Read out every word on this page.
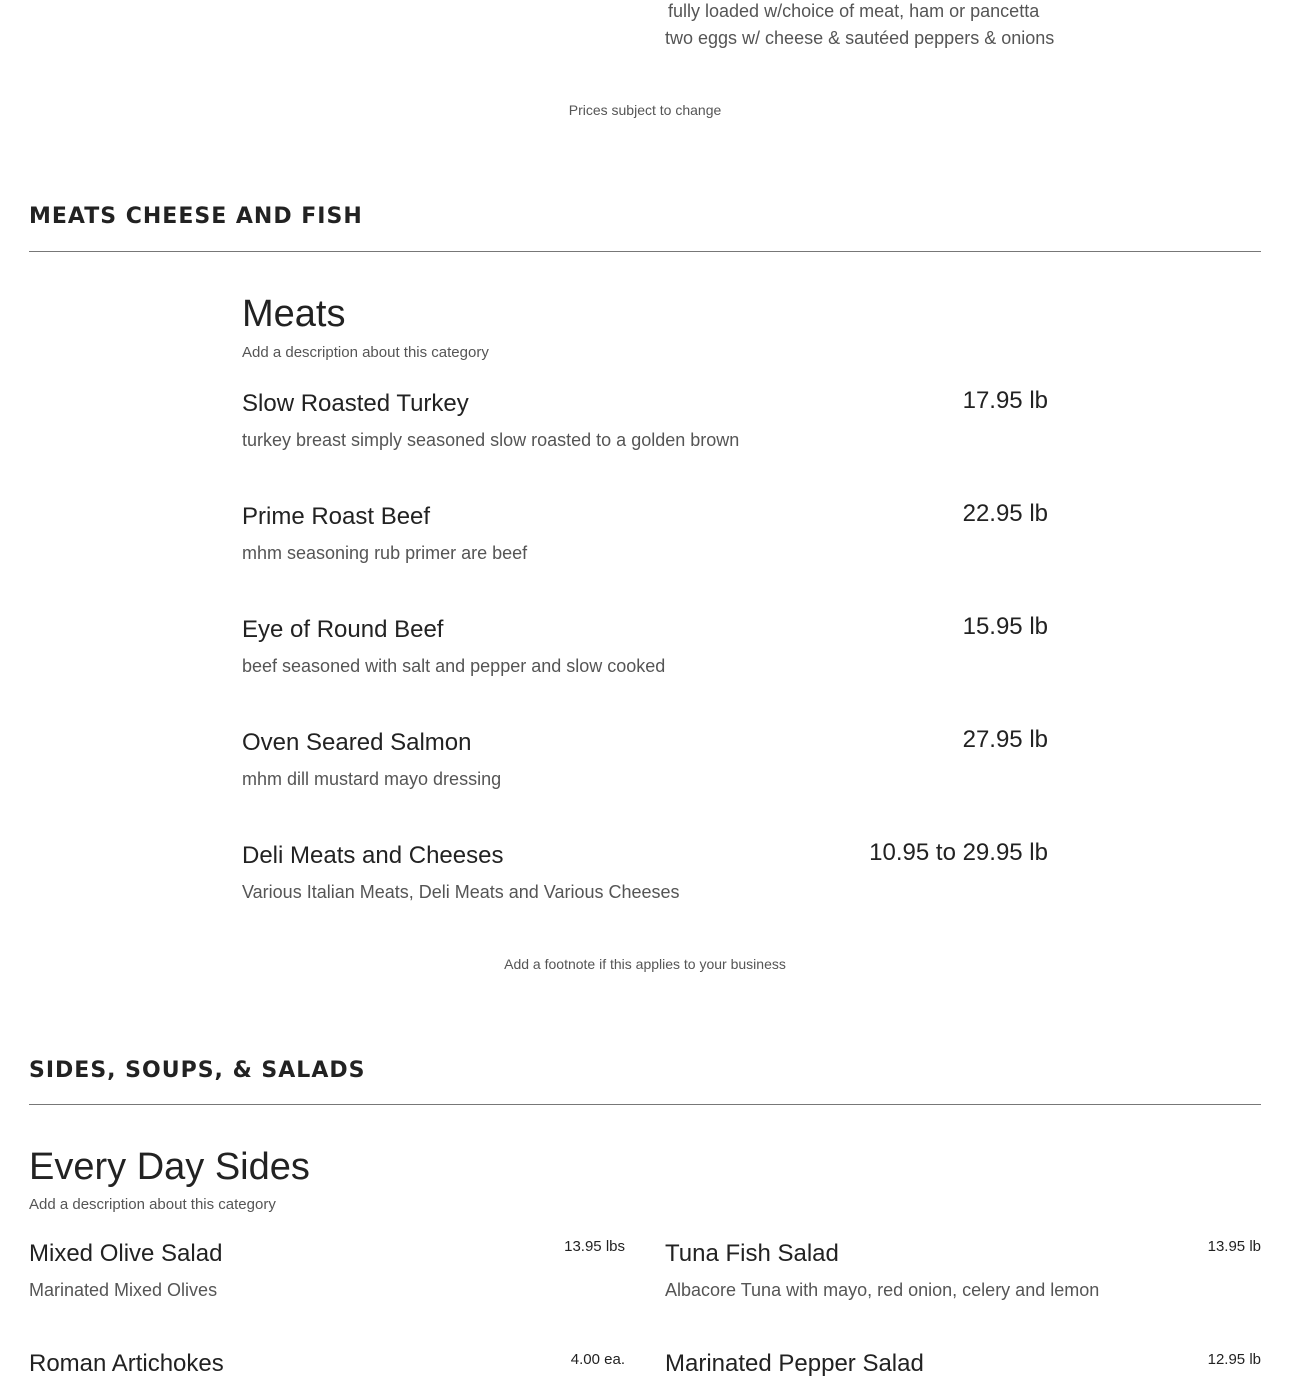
fully loaded w/choice of meat, ham or pancetta
two eggs w/ cheese & sautéed peppers & onions
Prices subject to change
MEATS CHEESE AND FISH
Meats
Add a description about this category
Slow Roasted Turkey	17.95 lb
turkey breast simply seasoned slow roasted to a golden brown
Prime Roast Beef	22.95 lb
mhm seasoning rub primer are beef
Eye of Round Beef	15.95 lb
beef seasoned with salt and pepper and slow cooked
Oven Seared Salmon	27.95 lb
mhm dill mustard mayo dressing
Deli Meats and Cheeses	10.95 to 29.95 lb
Various Italian Meats, Deli Meats and Various Cheeses
Add a footnote if this applies to your business
SIDES, SOUPS, & SALADS
Every Day Sides
Add a description about this category
Mixed Olive Salad	13.95 lbs
Marinated Mixed Olives
Tuna Fish Salad	13.95 lb
Albacore Tuna with mayo, red onion, celery and lemon
Roman Artichokes	4.00 ea. Marinated Pepper Salad	12.95 lb
